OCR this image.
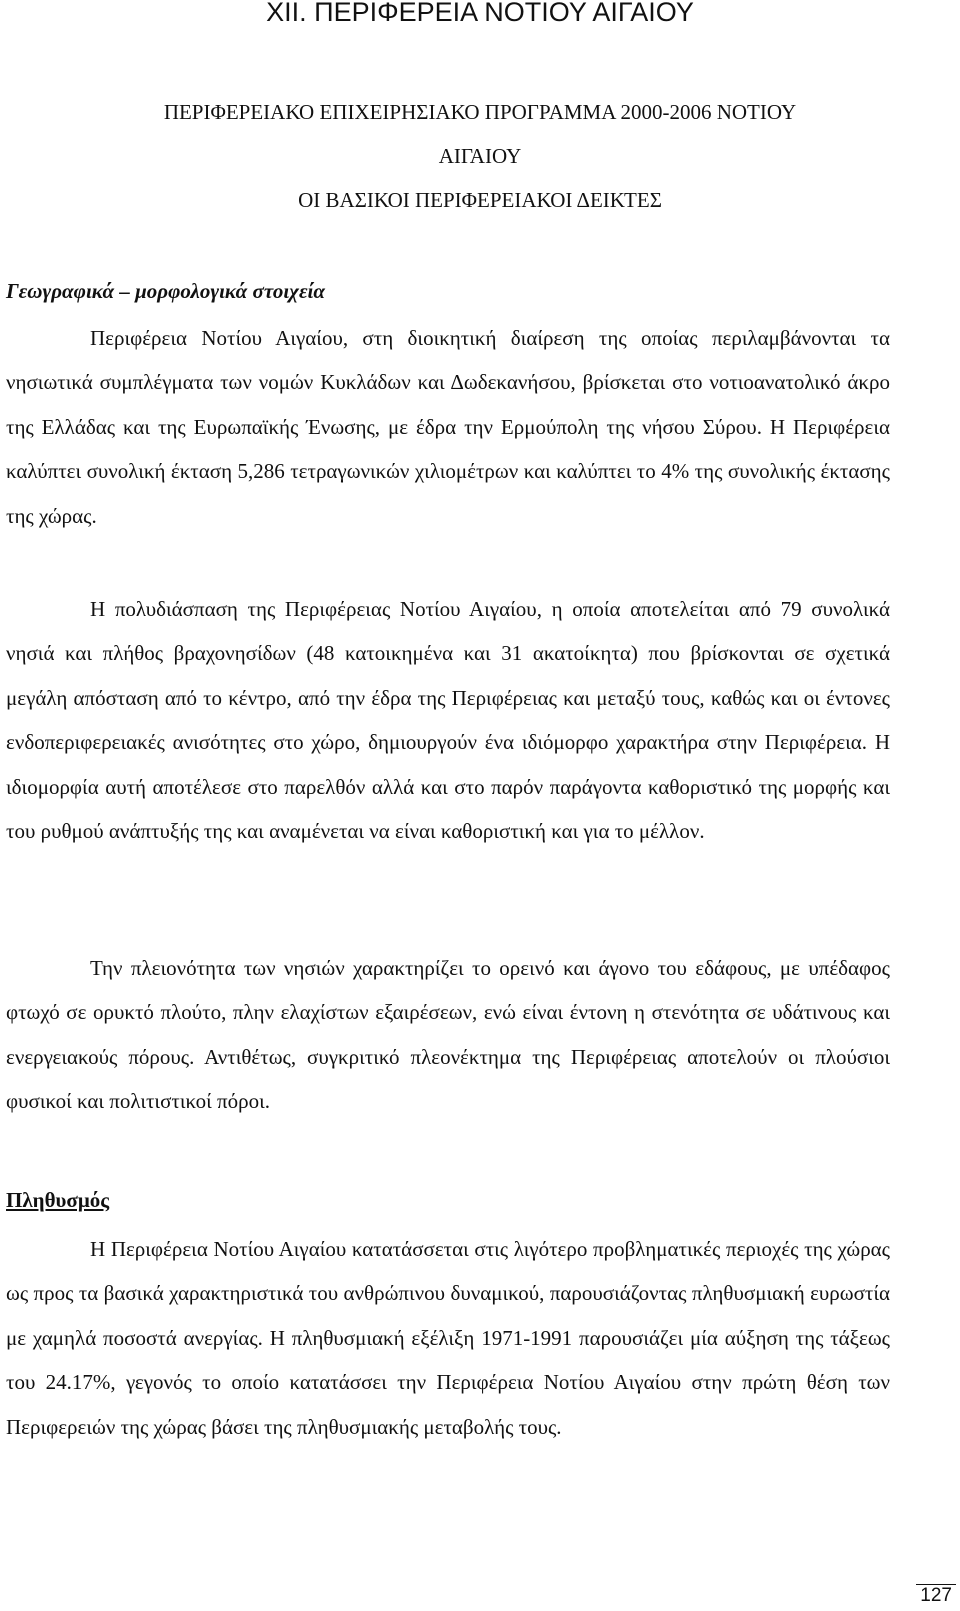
XII. ΠΕΡΙΦΕΡΕΙΑ ΝΟΤΙΟΥ ΑΙΓΑΙΟΥ
ΠΕΡΙΦΕΡΕΙΑΚΟ ΕΠΙΧΕΙΡΗΣΙΑΚΟ ΠΡΟΓΡΑΜΜΑ 2000-2006 ΝΟΤΙΟΥ
ΑΙΓΑΙΟΥ
ΟΙ ΒΑΣΙΚΟΙ ΠΕΡΙΦΕΡΕΙΑΚΟΙ ΔΕΙΚΤΕΣ
Γεωγραφικά – μορφολογικά στοιχεία

Περιφέρεια Νοτίου Αιγαίου, στη διοικητική διαίρεση της οποίας περιλαμβάνονται τα νησιωτικά συμπλέγματα των νομών Κυκλάδων και Δωδεκανήσου, βρίσκεται στο νοτιοανατολικό άκρο της Ελλάδας και της Ευρωπαϊκής Ένωσης, με έδρα την Ερμούπολη της νήσου Σύρου. Η Περιφέρεια καλύπτει συνολική έκταση 5,286 τετραγωνικών χιλιομέτρων και καλύπτει το 4% της συνολικής έκτασης της χώρας.

Η πολυδιάσπαση της Περιφέρειας Νοτίου Αιγαίου, η οποία αποτελείται από 79 συνολικά νησιά και πλήθος βραχονησίδων (48 κατοικημένα και 31 ακατοίκητα) που βρίσκονται σε σχετικά μεγάλη απόσταση από το κέντρο, από την έδρα της Περιφέρειας και μεταξύ τους, καθώς και οι έντονες ενδοπεριφερειακές ανισότητες στο χώρο, δημιουργούν ένα ιδιόμορφο χαρακτήρα στην Περιφέρεια. Η ιδιομορφία αυτή αποτέλεσε στο παρελθόν αλλά και στο παρόν παράγοντα καθοριστικό της μορφής και του ρυθμού ανάπτυξής της και αναμένεται να είναι καθοριστική και για το μέλλον.

Την πλειονότητα των νησιών χαρακτηρίζει το ορεινό και άγονο του εδάφους, με υπέδαφος φτωχό σε ορυκτό πλούτο, πλην ελαχίστων εξαιρέσεων, ενώ είναι έντονη η στενότητα σε υδάτινους και ενεργειακούς πόρους. Αντιθέτως, συγκριτικό πλεονέκτημα της Περιφέρειας αποτελούν οι πλούσιοι φυσικοί και πολιτιστικοί πόροι.

Πληθυσμός

Η Περιφέρεια Νοτίου Αιγαίου κατατάσσεται στις λιγότερο προβληματικές περιοχές της χώρας ως προς τα βασικά χαρακτηριστικά του ανθρώπινου δυναμικού, παρουσιάζοντας πληθυσμιακή ευρωστία με χαμηλά ποσοστά ανεργίας. Η πληθυσμιακή εξέλιξη 1971-1991 παρουσιάζει μία αύξηση της τάξεως του 24.17%, γεγονός το οποίο κατατάσσει την Περιφέρεια Νοτίου Αιγαίου στην πρώτη θέση των Περιφερειών της χώρας βάσει της πληθυσμιακής μεταβολής τους.

127
